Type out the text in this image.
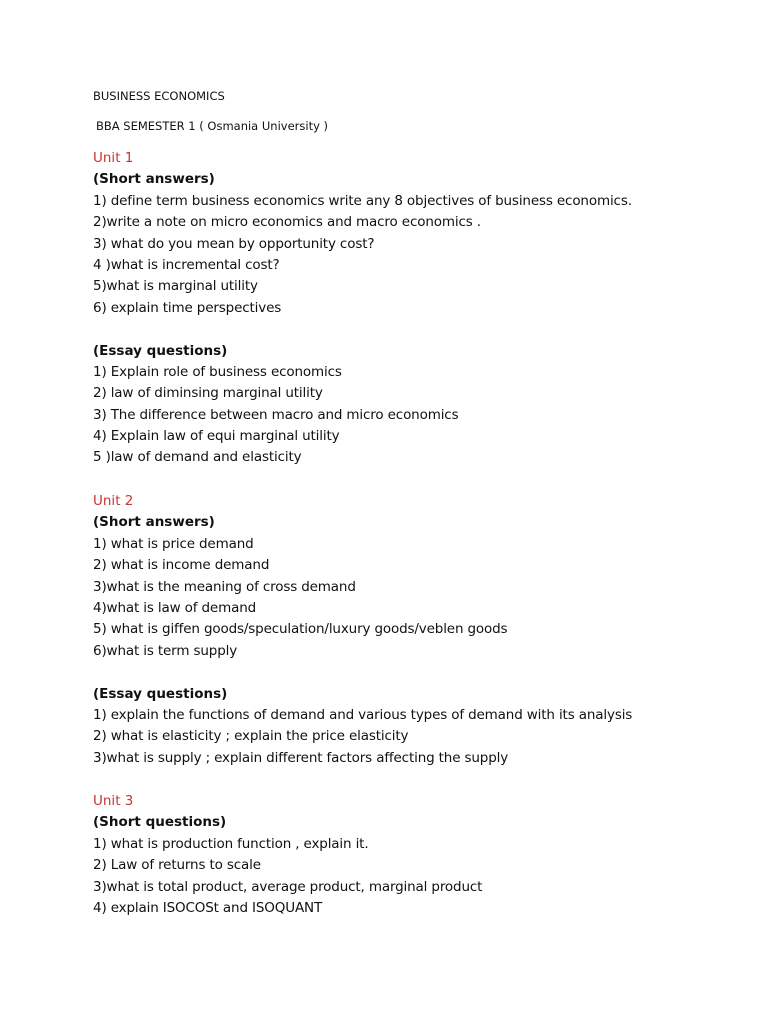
BUSINESS ECONOMICS
BBA SEMESTER 1 ( Osmania University )
Unit 1
(Short answers)
1) define term business economics write any 8 objectives of business economics.
2)write a note on micro economics and macro economics .
3) what do you mean by opportunity cost?
4 )what is incremental cost?
5)what is marginal utility
6) explain time perspectives
(Essay questions)
1) Explain role of business economics
2) law of diminsing marginal utility
3) The difference between macro and micro economics
4) Explain law of equi marginal utility
5 )law of demand and elasticity
Unit 2
(Short answers)
1) what is price demand
2) what is income demand
3)what is the meaning of cross demand
4)what is law of demand
5) what is giffen goods/speculation/luxury goods/veblen goods
6)what is term supply
(Essay questions)
1) explain the functions of demand and various types of demand with its analysis
2) what is elasticity ; explain the price elasticity
3)what is supply ; explain different factors affecting the supply
Unit 3
(Short questions)
1) what is production function , explain it.
2) Law of returns to scale
3)what is total product, average product, marginal product
4) explain ISOCOSt and ISOQUANT
